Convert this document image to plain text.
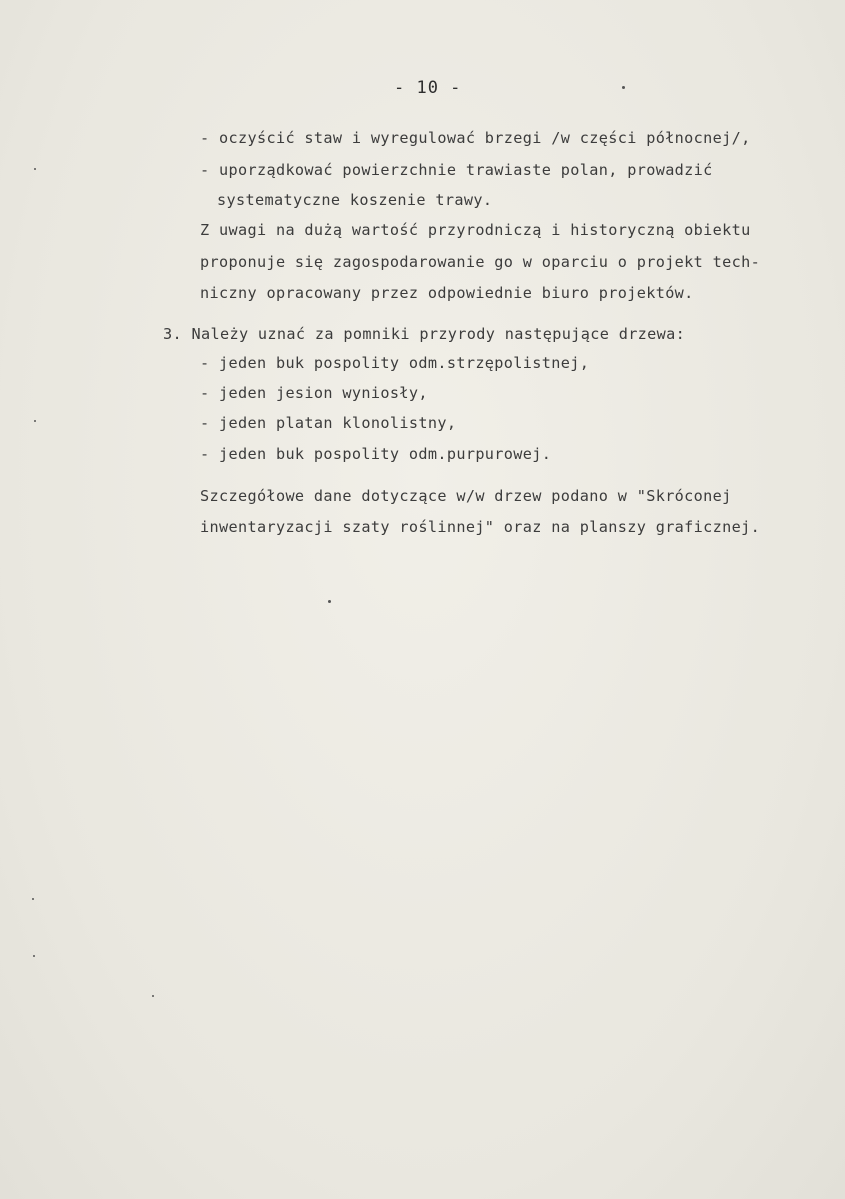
- 10 -
- oczyścić staw i wyregulować brzegi /w części północnej/,
- uporządkować powierzchnie trawiaste polan, prowadzić
systematyczne koszenie trawy.
Z uwagi na dużą wartość przyrodniczą i historyczną obiektu
proponuje się zagospodarowanie go w oparciu o projekt tech-
niczny opracowany przez odpowiednie biuro projektów.
3. Należy uznać za pomniki przyrody następujące drzewa:
- jeden buk pospolity odm.strzępolistnej,
- jeden jesion wyniosły,
- jeden platan klonolistny,
- jeden buk pospolity odm.purpurowej.
Szczegółowe dane dotyczące w/w drzew podano w "Skróconej
inwentaryzacji szaty roślinnej" oraz na planszy graficznej.
